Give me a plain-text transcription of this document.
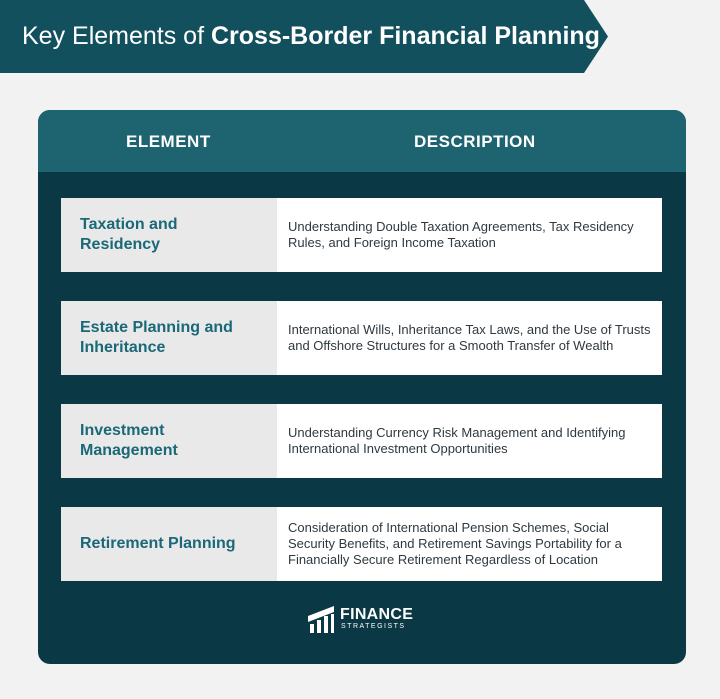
Key Elements of Cross-Border Financial Planning
ELEMENT	DESCRIPTION
Taxation and Residency
Understanding Double Taxation Agreements, Tax Residency Rules, and Foreign Income Taxation
Estate Planning and Inheritance
International Wills, Inheritance Tax Laws, and the Use of Trusts and Offshore Structures for a Smooth Transfer of Wealth
Investment Management
Understanding Currency Risk Management and Identifying International Investment Opportunities
Retirement Planning
Consideration of International Pension Schemes, Social Security Benefits, and Retirement Savings Portability for a Financially Secure Retirement Regardless of Location
FINANCE
STRATEGISTS
